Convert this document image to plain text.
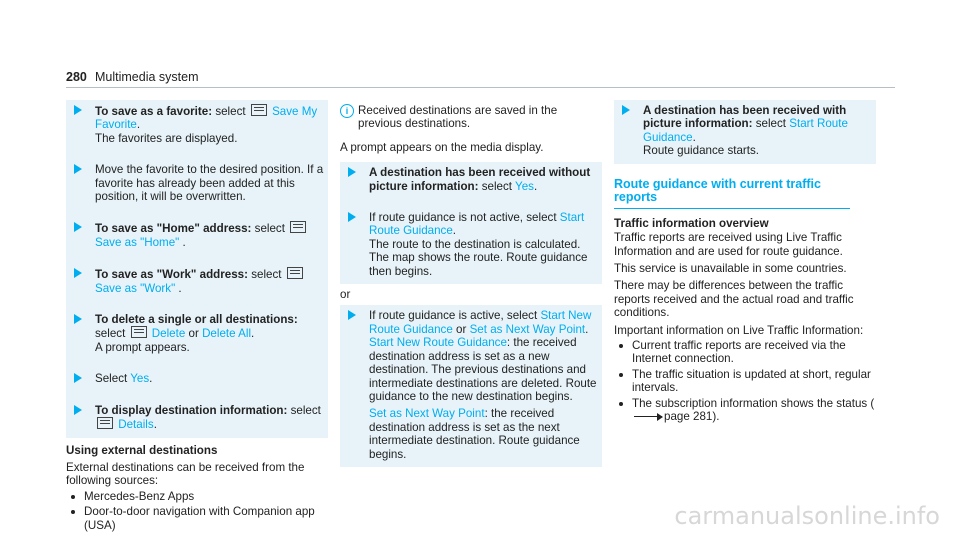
280 Multimedia system

To save as a favorite: select Save My Favorite.

The favorites are displayed.

Move the favorite to the desired position. If a favorite has already been added at this position, it will be overwritten.

To save as "Home" address: select
Save as "Home" .

To save as "Work" address: select
Save as "Work" .

To delete a single or all destinations:

select Delete or Delete All.

A prompt appears.

Select Yes.

To display destination information: select
Details.

Using external destinations

External destinations can be received from the following sources:

Mercedes-Benz Apps
Door-to-door navigation with Companion app (USA)
i Received destinations are saved in the previous destinations.

A prompt appears on the media display.

A destination has been received without picture information: select Yes.

If route guidance is not active, select Start Route Guidance.

The route to the destination is calculated. The map shows the route. Route guidance then begins.

or

If route guidance is active, select Start New Route Guidance or Set as Next Way Point.

Start New Route Guidance: the received destination address is set as a new destination. The previous destinations and intermediate destinations are deleted. Route guidance to the new destination begins.

Set as Next Way Point: the received destination address is set as the next intermediate destination. Route guidance begins.

A destination has been received with picture information: select Start Route Guidance.

Route guidance starts.

Route guidance with current traffic reports

Traffic information overview

Traffic reports are received using Live Traffic Information and are used for route guidance.

This service is unavailable in some countries.

There may be differences between the traffic reports received and the actual road and traffic conditions.

Important information on Live Traffic Information:

Current traffic reports are received via the Internet connection.
The traffic situation is updated at short, regular intervals.
The subscription information shows the status (page 281).
carmanualsonline.info
